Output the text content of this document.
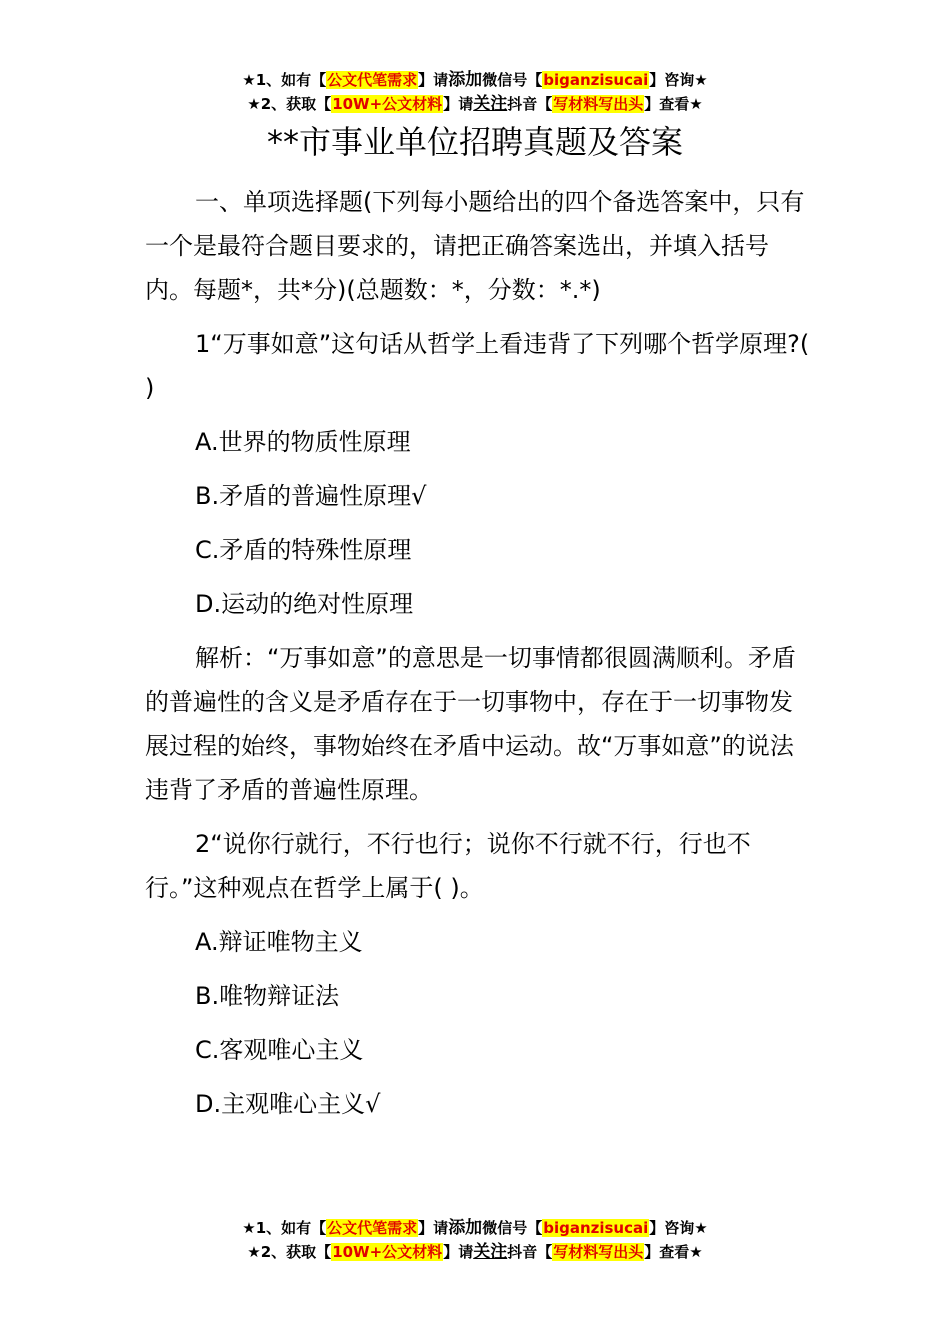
★1、如有【公文代笔需求】请添加微信号【biganzisucai】咨询★
★2、获取【10W+公文材料】请关注抖音【写材料写出头】查看★
**市事业单位招聘真题及答案

一、单项选择题(下列每小题给出的四个备选答案中，只有一个是最符合题目要求的，请把正确答案选出，并填入括号内。每题*，共*分)(总题数：*，分数：*.*)

1“万事如意”这句话从哲学上看违背了下列哪个哲学原理?( )

A.世界的物质性原理

B.矛盾的普遍性原理√

C.矛盾的特殊性原理

D.运动的绝对性原理

解析：“万事如意”的意思是一切事情都很圆满顺利。矛盾的普遍性的含义是矛盾存在于一切事物中，存在于一切事物发展过程的始终，事物始终在矛盾中运动。故“万事如意”的说法违背了矛盾的普遍性原理。

2“说你行就行，不行也行；说你不行就不行，行也不行。”这种观点在哲学上属于( )。

A.辩证唯物主义

B.唯物辩证法

C.客观唯心主义

D.主观唯心主义√

★1、如有【公文代笔需求】请添加微信号【biganzisucai】咨询★
★2、获取【10W+公文材料】请关注抖音【写材料写出头】查看★
